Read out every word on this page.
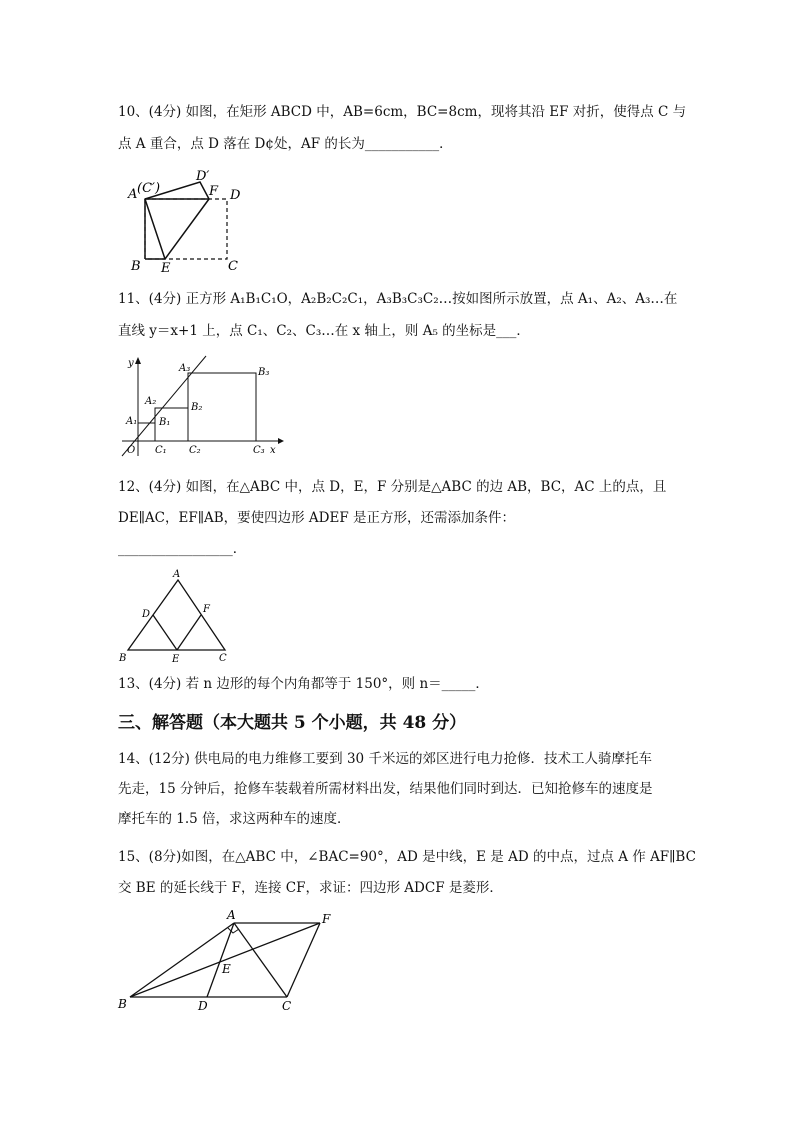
10、(4分) 如图，在矩形 ABCD 中，AB=6cm，BC=8cm，现将其沿 EF 对折，使得点 C 与
点 A 重合，点 D 落在 D¢处，AF 的长为___________．
A (C′)
D′
F D
B E	C
11、(4分) 正方形 A₁B₁C₁O，A₂B₂C₂C₁，A₃B₃C₃C₂…按如图所示放置，点 A₁、A₂、A₃…在
直线 y＝x+1 上，点 C₁、C₂、C₃…在 x 轴上，则 A₅ 的坐标是___．
y
x
O
A₁
A₂
A₃
B₁
B₂
B₃
C₁ C₂	C₃
12、(4分) 如图，在△ABC 中，点 D，E，F 分别是△ABC 的边 AB，BC，AC 上的点，且
DE∥AC，EF∥AB，要使四边形 ADEF 是正方形，还需添加条件：
_________________．
A
D	F
B	E	C
13、(4分) 若 n 边形的每个内角都等于 150°，则 n＝_____．
三、解答题（本大题共 5 个小题，共 48 分）
14、(12分) 供电局的电力维修工要到 30 千米远的郊区进行电力抢修．技术工人骑摩托车
先走，15 分钟后，抢修车装载着所需材料出发，结果他们同时到达．已知抢修车的速度是
摩托车的 1.5 倍，求这两种车的速度．
15、(8分)如图，在△ABC 中，∠BAC=90°，AD 是中线，E 是 AD 的中点，过点 A 作 AF∥BC
交 BE 的延长线于 F，连接 CF，求证：四边形 ADCF 是菱形．
A	F
E
B	D	C
